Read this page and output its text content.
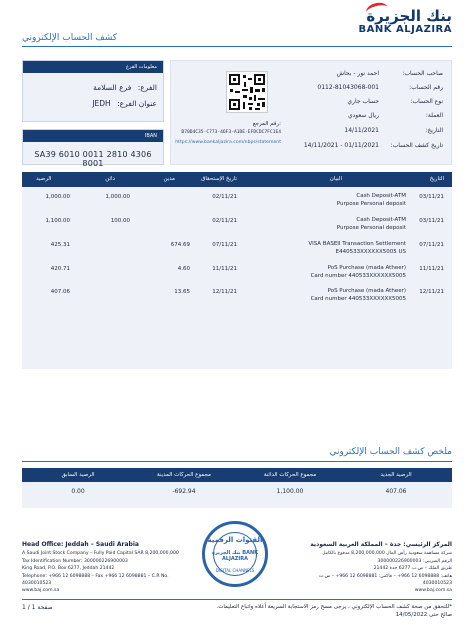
كشف الحساب الإلكتروني
بنك الجزيرة
BANK ALJAZIRA
معلومات الفرع
الفرع: فرع السلامة
عنوان الفرع: JEDH
IBAN
SA39 6010 0011 2810 4306 8001
رقم المرجع:
B70D4C35-C773-46F3-A1DE-EFDCDC7FC1E4
https://www.bankaljazira.com/nbps/statement
صاحب الحساب:
احمد نور - بحاش
رقم الحساب:
0112-81043068-001
نوع الحساب:
حساب جاري
العملة:
ريال سعودي
التاريخ:
14/11/2021
تاريخ كشف الحساب:
01/11/2021 - 14/11/2021
التاريخ
البيان
تاريخ الإستحقاق
مدين
دائن
الرصيد
03/11/21
Cash Deposit-ATM
Purpose Personal deposit
02/11/21
1,000.00
1,000.00
03/11/21
Cash Deposit-ATM
Purpose Personal deposit
02/11/21
100.00
1,100.00
07/11/21
VISA BASEII Transaction Settlement
E440533XXXXXX5005 US
07/11/21
674.69
425.31
11/11/21
PoS Purchase (mada Atheer)
Card number 440533XXXXXX5005
11/11/21
4.60
420.71
12/11/21
PoS Purchase (mada Atheer)
Card number 440533XXXXXX5005
12/11/21
13.65
407.06
ملخص كشف الحساب الإلكتروني
الرصيد الجديد
مجموع الحركات الدائنة
مجموع الحركات المدينة
الرصيد السابق
407.06
1,100.00
-692.94
0.00
Head Office: Jeddah – Saudi Arabia
A Saudi Joint Stock Company – Fully Paid Capital SAR 8,200,000,000
Tax Identification Number: 300000226900003
King Road, P.O. Box 6277, Jeddah 21442
Telephone: +966 12 6098888 – Fax +966 12 6098881 – C.R No. 4030010523
www.baj.com.sa
القنوات الرقمية
بنك الجزيرة BANK ALJAZIRA
DIGITAL CHANNELS
المركز الرئيسي: جدة – المملكة العربية السعودية
شركة مساهمة سعودية رأس المال 8,200,000,000 مدفوع بالكامل
الرقم الضريبي: 300000226900003
طريق الملك – ص.ب 6277 جدة 21442
هاتف: 6098888 12 966+ – فاكس: 6098881 12 966+ – س.ت 4030010523
www.baj.com.sa
صفحة 1 / 1	*للتحقق من صحة كشف الحساب الإلكتروني ، يرجى مسح رمز الاستجابة السريعة أعلاه واتباع التعليمات.
صالح حتى 14/05/2022
